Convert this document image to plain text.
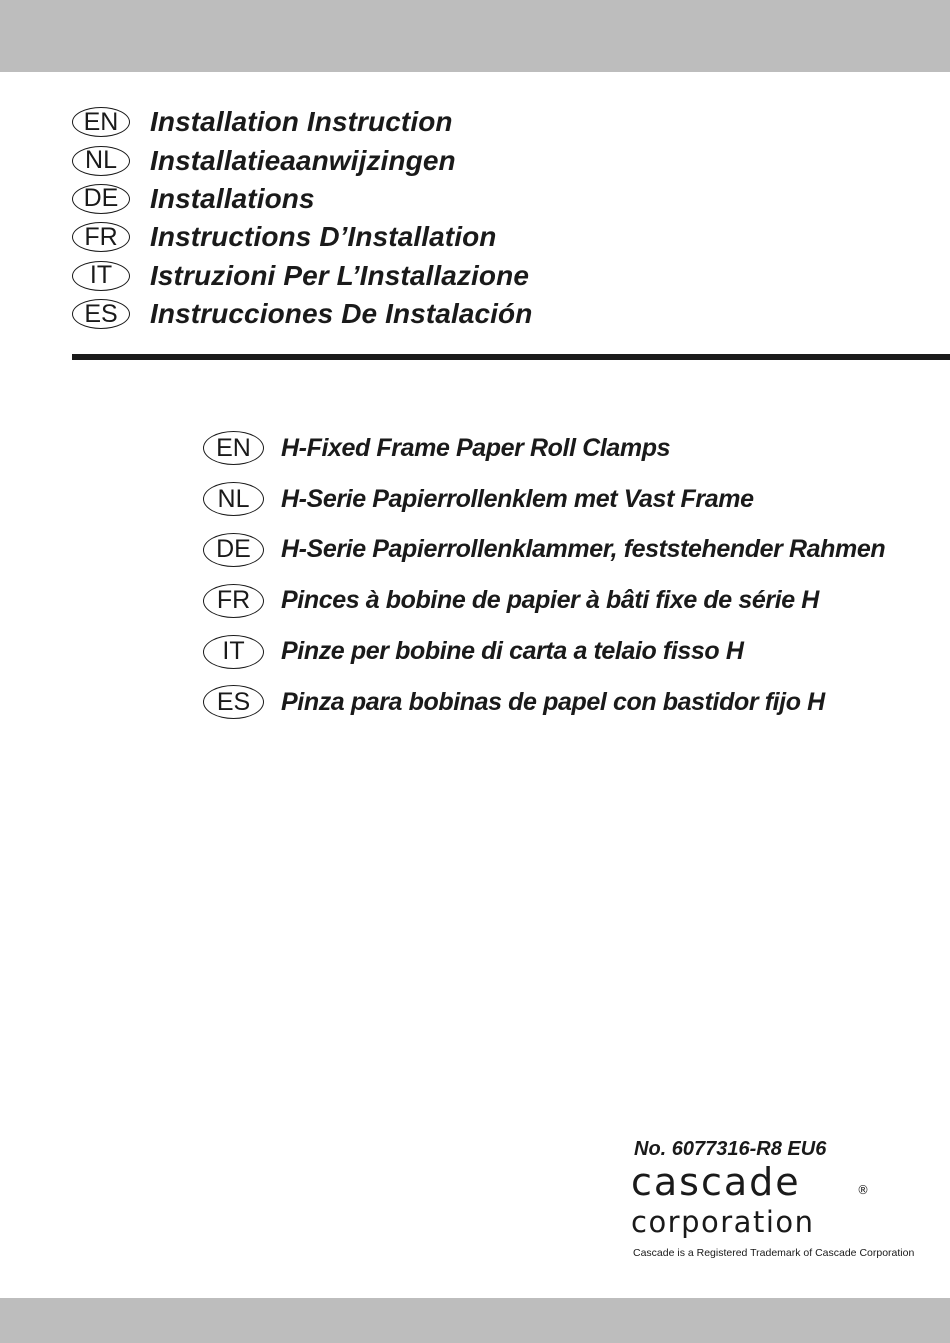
EN	Installation Instruction
NL	Installatieaanwijzingen
DE	Installations
FR	Instructions D’Installation
IT	Istruzioni Per L’Installazione
ES	Instrucciones De Instalación
EN	H-Fixed Frame Paper Roll Clamps
NL	H-Serie Papierrollenklem met Vast Frame
DE	H-Serie Papierrollenklammer, feststehender Rahmen
FR	Pinces à bobine de papier à bâti fixe de série H
IT	Pinze per bobine di carta a telaio fisso H
ES	Pinza para bobinas de papel con bastidor fijo H
No. 6077316-R8 EU6
cascade	®
corporation
Cascade is a Registered Trademark of Cascade Corporation
